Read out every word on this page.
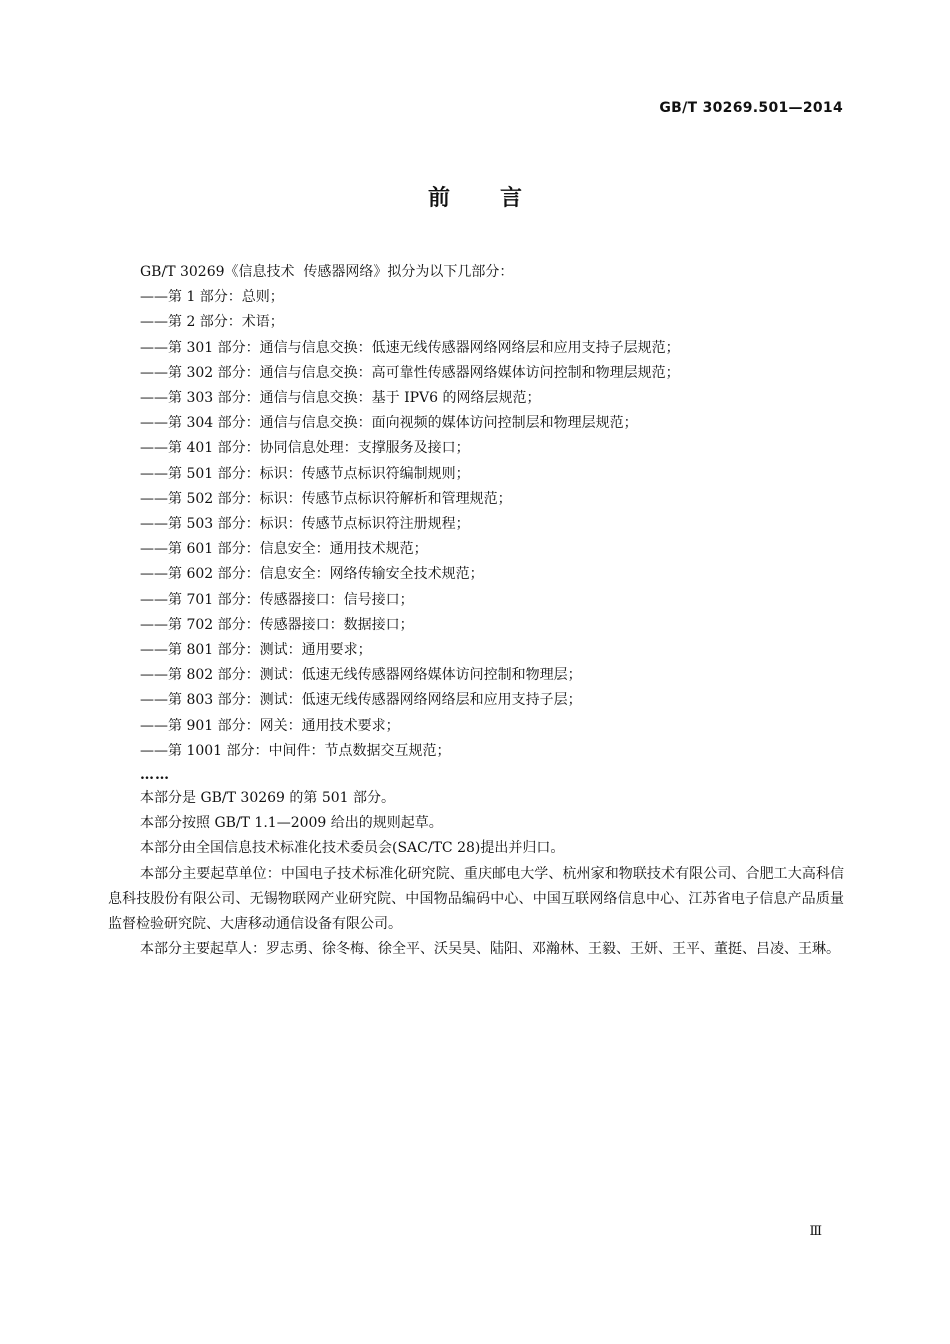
GB/T 30269.501—2014
前 言

GB/T 30269《信息技术  传感器网络》拟分为以下几部分：

——第 1 部分：总则；

——第 2 部分：术语；

——第 301 部分：通信与信息交换：低速无线传感器网络网络层和应用支持子层规范；

——第 302 部分：通信与信息交换：高可靠性传感器网络媒体访问控制和物理层规范；

——第 303 部分：通信与信息交换：基于 IPV6 的网络层规范；

——第 304 部分：通信与信息交换：面向视频的媒体访问控制层和物理层规范；

——第 401 部分：协同信息处理：支撑服务及接口；

——第 501 部分：标识：传感节点标识符编制规则；

——第 502 部分：标识：传感节点标识符解析和管理规范；

——第 503 部分：标识：传感节点标识符注册规程；

——第 601 部分：信息安全：通用技术规范；

——第 602 部分：信息安全：网络传输安全技术规范；

——第 701 部分：传感器接口：信号接口；

——第 702 部分：传感器接口：数据接口；

——第 801 部分：测试：通用要求；

——第 802 部分：测试：低速无线传感器网络媒体访问控制和物理层；

——第 803 部分：测试：低速无线传感器网络网络层和应用支持子层；

——第 901 部分：网关：通用技术要求；

——第 1001 部分：中间件：节点数据交互规范；

……

本部分是 GB/T 30269 的第 501 部分。

本部分按照 GB/T 1.1—2009 给出的规则起草。

本部分由全国信息技术标准化技术委员会(SAC/TC 28)提出并归口。

本部分主要起草单位：中国电子技术标准化研究院、重庆邮电大学、杭州家和物联技术有限公司、合肥工大高科信息科技股份有限公司、无锡物联网产业研究院、中国物品编码中心、中国互联网络信息中心、江苏省电子信息产品质量监督检验研究院、大唐移动通信设备有限公司。

本部分主要起草人：罗志勇、徐冬梅、徐全平、沃吴昊、陆阳、邓瀚林、王毅、王妍、王平、董挺、吕凌、王琳。

Ⅲ
